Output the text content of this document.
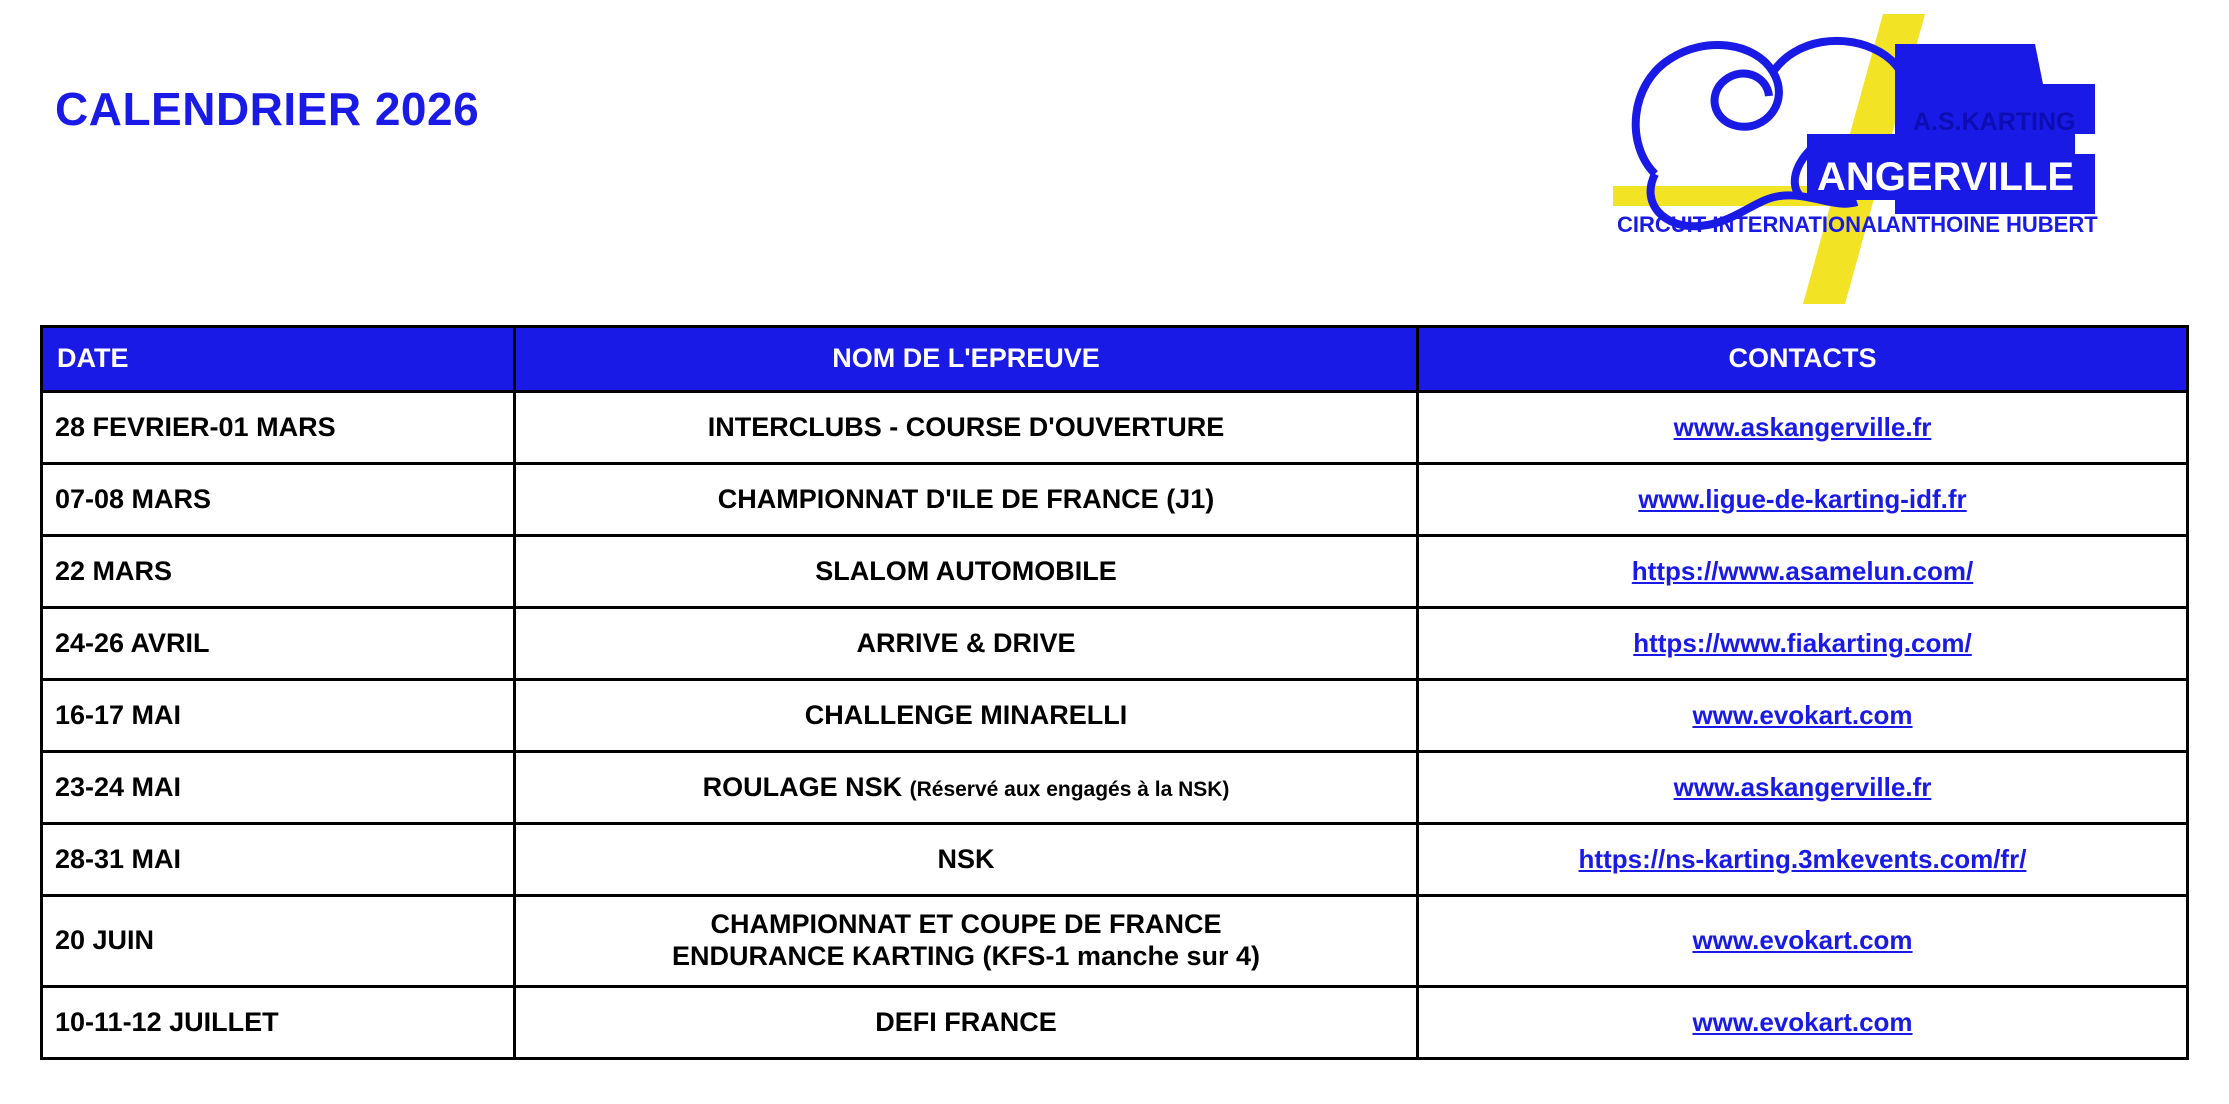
CALENDRIER 2026	A.S.KARTING
ANGERVILLE
CIRCUIT INTERNATIONAL
ANTHOINE HUBERT
DATE	NOM DE L'EPREUVE	CONTACTS

28 FEVRIER-01 MARS	INTERCLUBS - COURSE D'OUVERTURE	www.askangerville.fr

07-08 MARS	CHAMPIONNAT D'ILE DE FRANCE (J1)	www.ligue-de-karting-idf.fr

22 MARS	SLALOM AUTOMOBILE	https://www.asamelun.com/

24-26 AVRIL	ARRIVE & DRIVE	https://www.fiakarting.com/

16-17 MAI	CHALLENGE MINARELLI	www.evokart.com

23-24 MAI	ROULAGE NSK (Réservé aux engagés à la NSK)	www.askangerville.fr

28-31 MAI	NSK	https://ns-karting.3mkevents.com/fr/

20 JUIN	CHAMPIONNAT ET COUPE DE FRANCE
ENDURANCE KARTING (KFS-1 manche sur 4)	www.evokart.com

10-11-12 JUILLET	DEFI FRANCE	www.evokart.com
